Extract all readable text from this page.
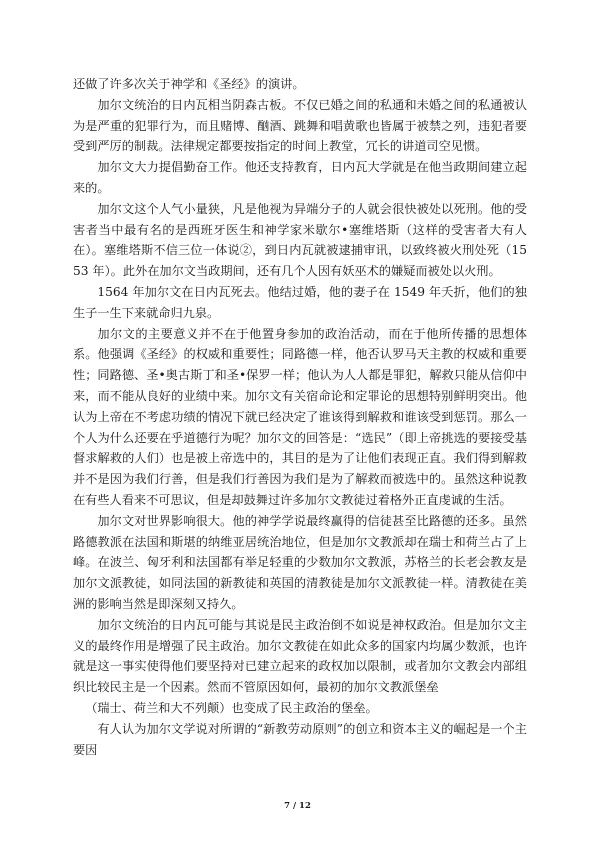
还做了许多次关于神学和《圣经》的演讲。

加尔文统治的日内瓦相当阴森古板。不仅已婚之间的私通和未婚之间的私通被认为是严重的犯罪行为，而且赌博、酗酒、跳舞和唱黄歌也皆属于被禁之列，违犯者要受到严厉的制裁。法律规定都要按指定的时间上教堂，冗长的讲道司空见惯。

加尔文大力提倡勤奋工作。他还支持教育，日内瓦大学就是在他当政期间建立起来的。

加尔文这个人气小量狭，凡是他视为异端分子的人就会很快被处以死刑。他的受害者当中最有名的是西班牙医生和神学家米歇尔•塞维塔斯（这样的受害者大有人在）。塞维塔斯不信三位一体说②，到日内瓦就被逮捕审讯，以致终被火刑处死（1553 年）。此外在加尔文当政期间，还有几个人因有妖巫术的嫌疑而被处以火刑。

1564 年加尔文在日内瓦死去。他结过婚，他的妻子在 1549 年夭折，他们的独生子一生下来就命归九泉。

加尔文的主要意义并不在于他置身参加的政治活动，而在于他所传播的思想体系。他强调《圣经》的权威和重要性；同路德一样，他否认罗马天主教的权威和重要性；同路德、圣•奥古斯丁和圣•保罗一样；他认为人人都是罪犯，解救只能从信仰中来，而不能从良好的业绩中来。加尔文有关宿命论和定罪论的思想特别鲜明突出。他认为上帝在不考虑功绩的情况下就已经决定了谁该得到解救和谁该受到惩罚。那么一个人为什么还要在乎道德行为呢？加尔文的回答是：“选民”（即上帝挑选的要接受基督求解救的人们）也是被上帝选中的，其目的是为了让他们表现正直。我们得到解救并不是因为我们行善，但是我们行善因为我们是为了解救而被选中的。虽然这种说教在有些人看来不可思议，但是却鼓舞过许多加尔文教徒过着格外正直虔诚的生活。

加尔文对世界影响很大。他的神学学说最终赢得的信徒甚至比路德的还多。虽然路德教派在法国和斯堪的纳维亚居统治地位，但是加尔文教派却在瑞士和荷兰占了上峰。在波兰、匈牙利和法国都有举足轻重的少数加尔文教派，苏格兰的长老会教友是加尔文派教徒，如同法国的新教徒和英国的清教徒是加尔文派教徒一样。清教徒在美洲的影响当然是即深刻又持久。

加尔文统治的日内瓦可能与其说是民主政治倒不如说是神权政治。但是加尔文主义的最终作用是增强了民主政治。加尔文教徒在如此众多的国家内均属少数派，也许就是这一事实使得他们要坚持对已建立起来的政权加以限制，或者加尔文教会内部组织比较民主是一个因素。然而不管原因如何，最初的加尔文教派堡垒

（瑞士、荷兰和大不列颠）也变成了民主政治的堡垒。

有人认为加尔文学说对所谓的“新教劳动原则”的创立和资本主义的崛起是一个主要因

7 / 12
